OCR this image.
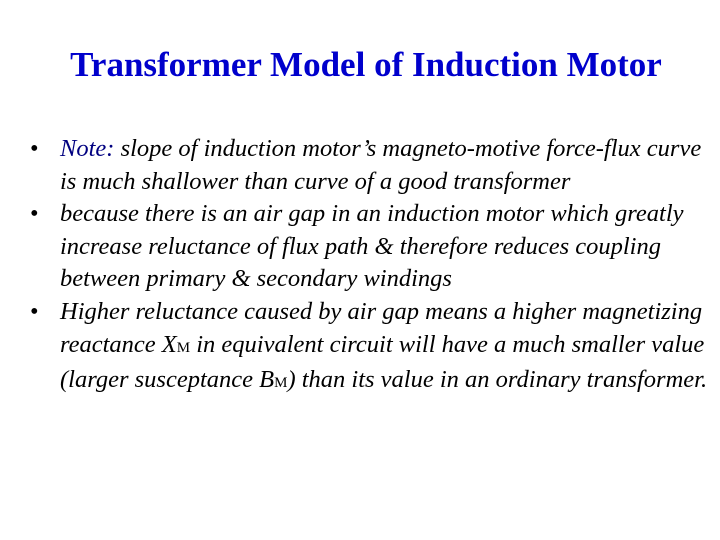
Transformer Model of Induction Motor
• Note: slope of induction motor’s magneto-motive force-flux curve is much shallower than curve of a good transformer
• because there is an air gap in an induction motor which greatly increase reluctance of flux path & therefore reduces coupling between primary & secondary windings
• Higher reluctance caused by air gap means a higher magnetizing reactance XM in equivalent circuit will have a much smaller value (larger susceptance BM) than its value in an ordinary transformer.
